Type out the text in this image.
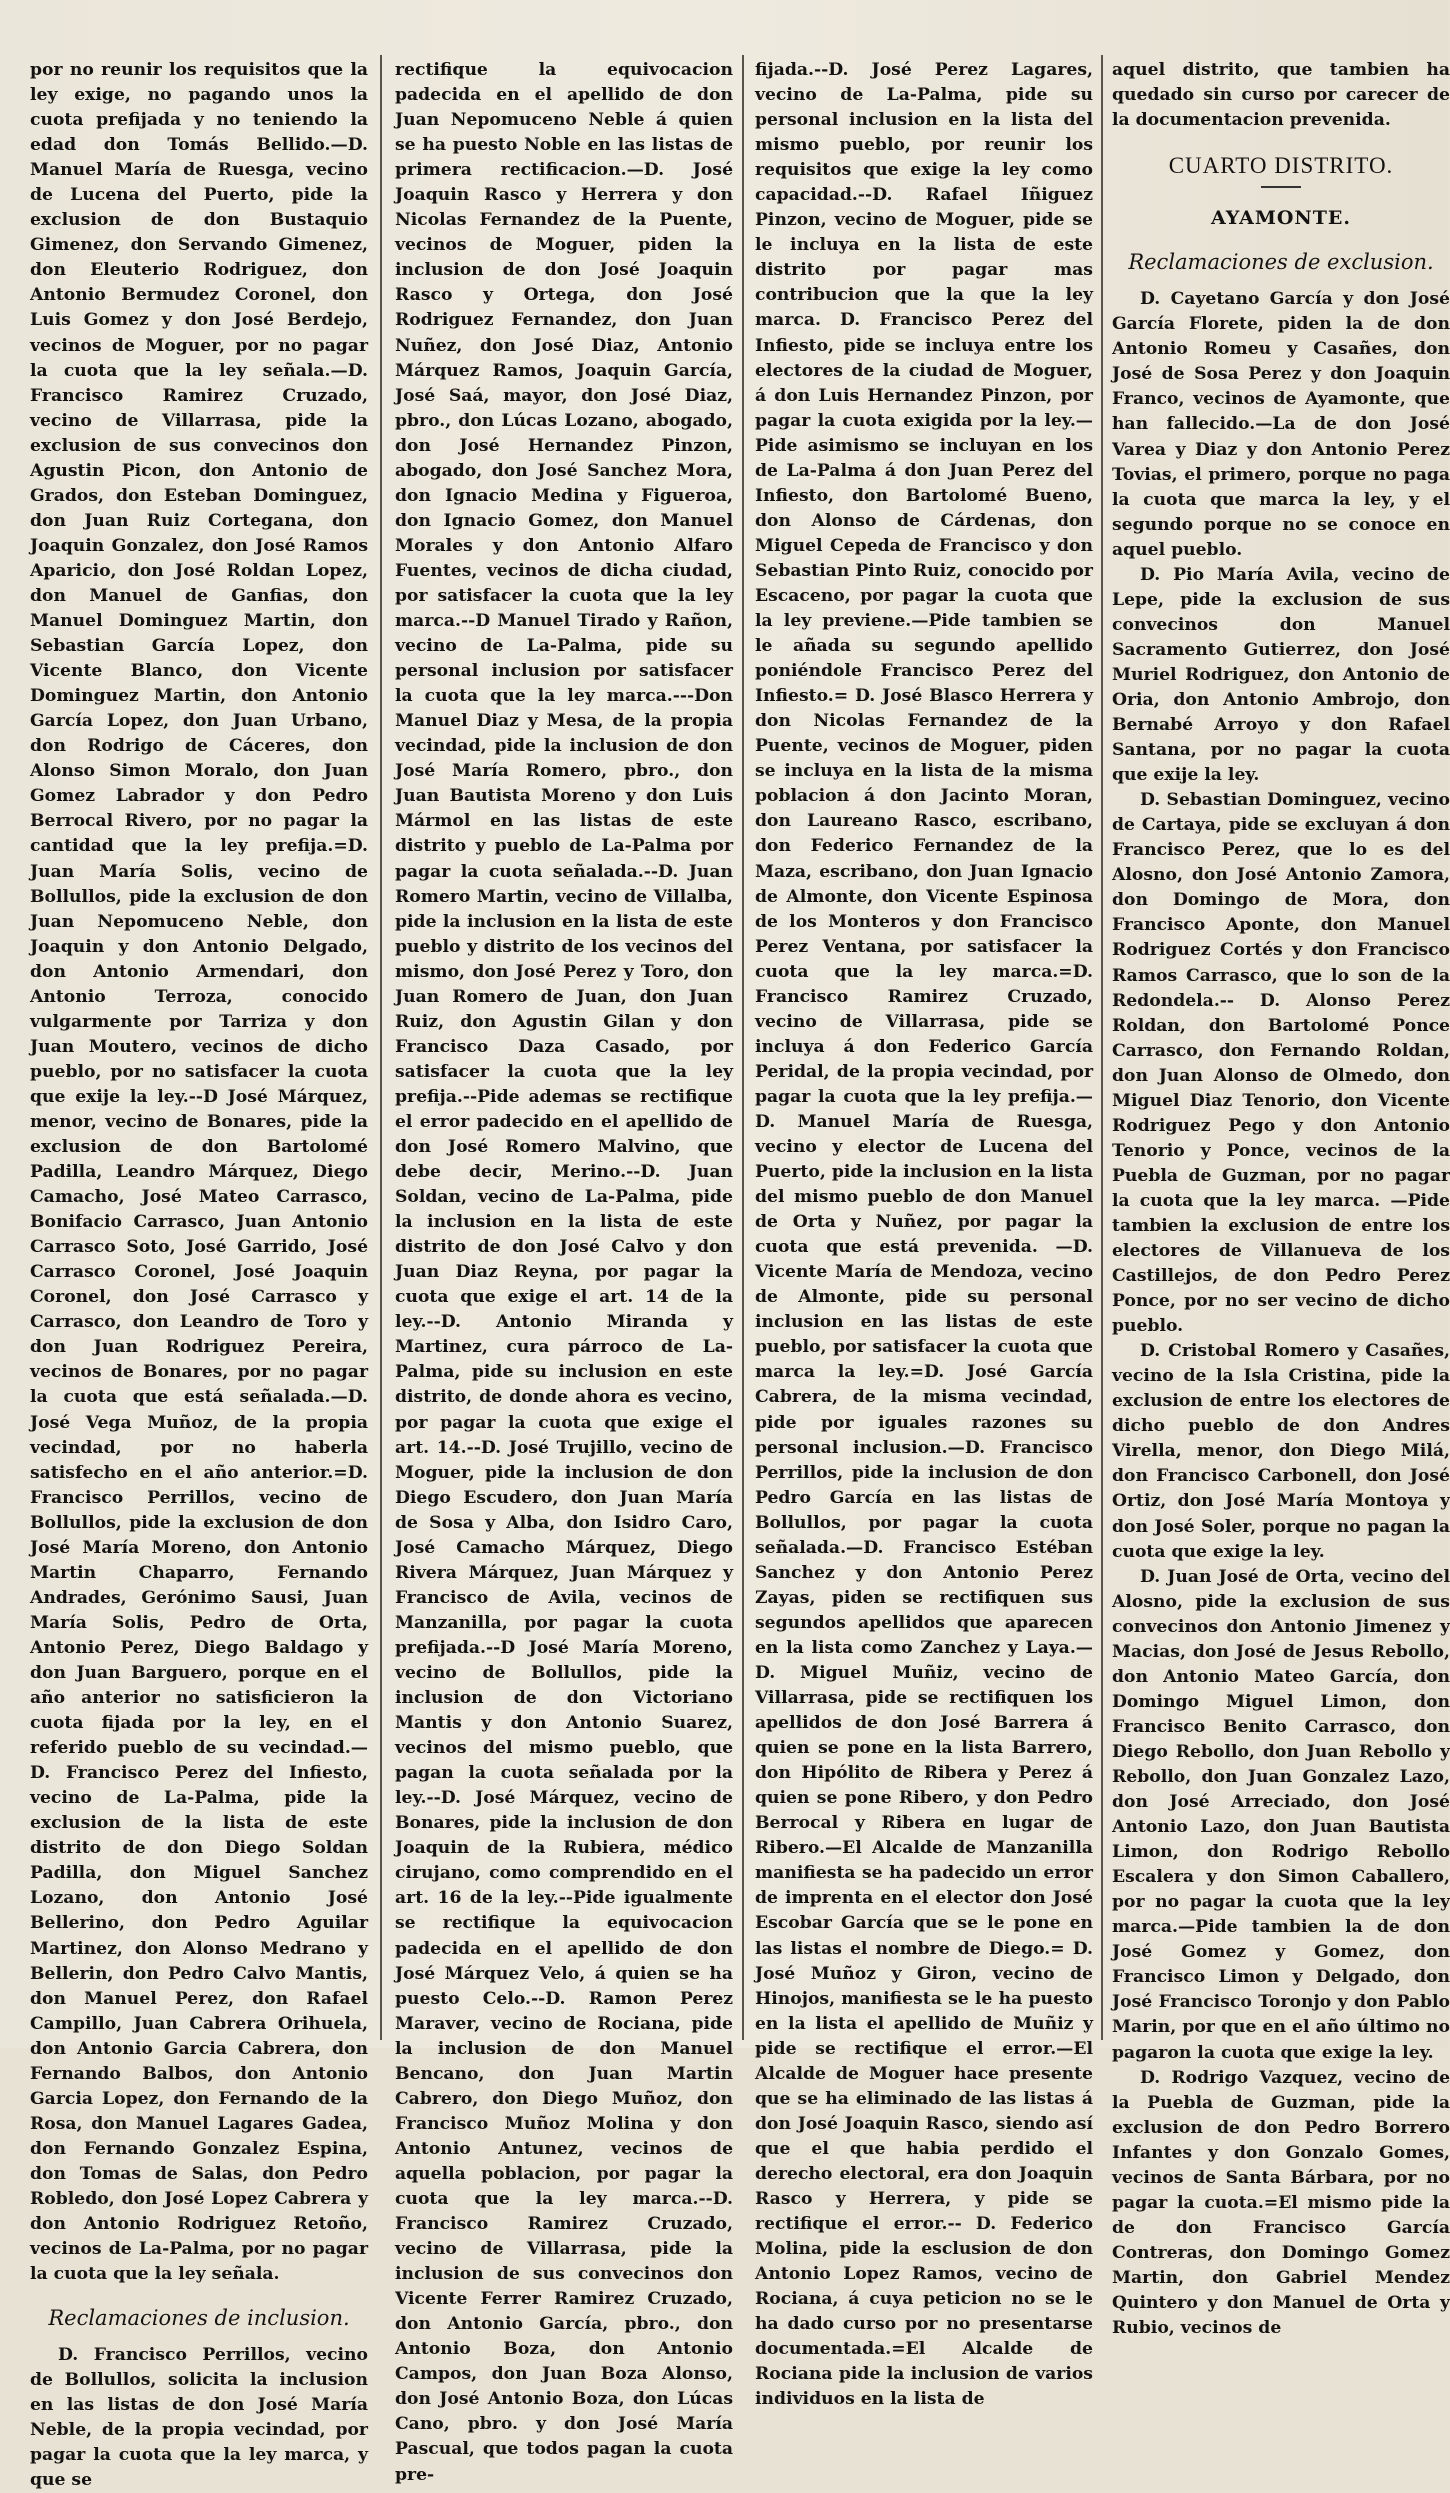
por no reunir los requisitos que la ley exige, no pagando unos la cuota prefijada y no teniendo la edad don Tomás Bellido.—D. Manuel María de Ruesga, vecino de Lucena del Puerto, pide la exclusion de don Bustaquio Gimenez, don Servando Gimenez, don Eleuterio Rodriguez, don Antonio Bermudez Coronel, don Luis Gomez y don José Berdejo, vecinos de Moguer, por no pagar la cuota que la ley señala.—D. Francisco Ramirez Cruzado, vecino de Villarrasa, pide la exclusion de sus convecinos don Agustin Picon, don Antonio de Grados, don Esteban Dominguez, don Juan Ruiz Cortegana, don Joaquin Gonzalez, don José Ramos Aparicio, don José Roldan Lopez, don Manuel de Ganfias, don Manuel Dominguez Martin, don Sebastian García Lopez, don Vicente Blanco, don Vicente Dominguez Martin, don Antonio García Lopez, don Juan Urbano, don Rodrigo de Cáceres, don Alonso Simon Moralo, don Juan Gomez Labrador y don Pedro Berrocal Rivero, por no pagar la cantidad que la ley prefija.=D. Juan María Solis, vecino de Bollullos, pide la exclusion de don Juan Nepomuceno Neble, don Joaquin y don Antonio Delgado, don Antonio Armendari, don Antonio Terroza, conocido vulgarmente por Tarriza y don Juan Moutero, vecinos de dicho pueblo, por no satisfacer la cuota que exije la ley.--D José Márquez, menor, vecino de Bonares, pide la exclusion de don Bartolomé Padilla, Leandro Márquez, Diego Camacho, José Mateo Carrasco, Bonifacio Carrasco, Juan Antonio Carrasco Soto, José Garrido, José Carrasco Coronel, José Joaquin Coronel, don José Carrasco y Carrasco, don Leandro de Toro y don Juan Rodriguez Pereira, vecinos de Bonares, por no pagar la cuota que está señalada.—D. José Vega Muñoz, de la propia vecindad, por no haberla satisfecho en el año anterior.=D. Francisco Perrillos, vecino de Bollullos, pide la exclusion de don José María Moreno, don Antonio Martin Chaparro, Fernando Andrades, Gerónimo Sausi, Juan María Solis, Pedro de Orta, Antonio Perez, Diego Baldago y don Juan Barguero, porque en el año anterior no satisficieron la cuota fijada por la ley, en el referido pueblo de su vecindad.—D. Francisco Perez del Infiesto, vecino de La-Palma, pide la exclusion de la lista de este distrito de don Diego Soldan Padilla, don Miguel Sanchez Lozano, don Antonio José Bellerino, don Pedro Aguilar Martinez, don Alonso Medrano y Bellerin, don Pedro Calvo Mantis, don Manuel Perez, don Rafael Campillo, Juan Cabrera Orihuela, don Antonio Garcia Cabrera, don Fernando Balbos, don Antonio Garcia Lopez, don Fernando de la Rosa, don Manuel Lagares Gadea, don Fernando Gonzalez Espina, don Tomas de Salas, don Pedro Robledo, don José Lopez Cabrera y don Antonio Rodriguez Retoño, vecinos de La-Palma, por no pagar la cuota que la ley señala.

Reclamaciones de inclusion.

D. Francisco Perrillos, vecino de Bollullos, solicita la inclusion en las listas de don José María Neble, de la propia vecindad, por pagar la cuota que la ley marca, y que se

rectifique la equivocacion padecida en el apellido de don Juan Nepomuceno Neble á quien se ha puesto Noble en las listas de primera rectificacion.—D. José Joaquin Rasco y Herrera y don Nicolas Fernandez de la Puente, vecinos de Moguer, piden la inclusion de don José Joaquin Rasco y Ortega, don José Rodriguez Fernandez, don Juan Nuñez, don José Diaz, Antonio Márquez Ramos, Joaquin García, José Saá, mayor, don José Diaz, pbro., don Lúcas Lozano, abogado, don José Hernandez Pinzon, abogado, don José Sanchez Mora, don Ignacio Medina y Figueroa, don Ignacio Gomez, don Manuel Morales y don Antonio Alfaro Fuentes, vecinos de dicha ciudad, por satisfacer la cuota que la ley marca.--D Manuel Tirado y Rañon, vecino de La-Palma, pide su personal inclusion por satisfacer la cuota que la ley marca.---Don Manuel Diaz y Mesa, de la propia vecindad, pide la inclusion de don José María Romero, pbro., don Juan Bautista Moreno y don Luis Mármol en las listas de este distrito y pueblo de La-Palma por pagar la cuota señalada.--D. Juan Romero Martin, vecino de Villalba, pide la inclusion en la lista de este pueblo y distrito de los vecinos del mismo, don José Perez y Toro, don Juan Romero de Juan, don Juan Ruiz, don Agustin Gilan y don Francisco Daza Casado, por satisfacer la cuota que la ley prefija.--Pide ademas se rectifique el error padecido en el apellido de don José Romero Malvino, que debe decir, Merino.--D. Juan Soldan, vecino de La-Palma, pide la inclusion en la lista de este distrito de don José Calvo y don Juan Diaz Reyna, por pagar la cuota que exige el art. 14 de la ley.--D. Antonio Miranda y Martinez, cura párroco de La-Palma, pide su inclusion en este distrito, de donde ahora es vecino, por pagar la cuota que exige el art. 14.--D. José Trujillo, vecino de Moguer, pide la inclusion de don Diego Escudero, don Juan María de Sosa y Alba, don Isidro Caro, José Camacho Márquez, Diego Rivera Márquez, Juan Márquez y Francisco de Avila, vecinos de Manzanilla, por pagar la cuota prefijada.--D José María Moreno, vecino de Bollullos, pide la inclusion de don Victoriano Mantis y don Antonio Suarez, vecinos del mismo pueblo, que pagan la cuota señalada por la ley.--D. José Márquez, vecino de Bonares, pide la inclusion de don Joaquin de la Rubiera, médico cirujano, como comprendido en el art. 16 de la ley.--Pide igualmente se rectifique la equivocacion padecida en el apellido de don José Márquez Velo, á quien se ha puesto Celo.--D. Ramon Perez Maraver, vecino de Rociana, pide la inclusion de don Manuel Bencano, don Juan Martin Cabrero, don Diego Muñoz, don Francisco Muñoz Molina y don Antonio Antunez, vecinos de aquella poblacion, por pagar la cuota que la ley marca.--D. Francisco Ramirez Cruzado, vecino de Villarrasa, pide la inclusion de sus convecinos don Vicente Ferrer Ramirez Cruzado, don Antonio García, pbro., don Antonio Boza, don Antonio Campos, don Juan Boza Alonso, don José Antonio Boza, don Lúcas Cano, pbro. y don José María Pascual, que todos pagan la cuota pre-

fijada.--D. José Perez Lagares, vecino de La-Palma, pide su personal inclusion en la lista del mismo pueblo, por reunir los requisitos que exige la ley como capacidad.--D. Rafael Iñiguez Pinzon, vecino de Moguer, pide se le incluya en la lista de este distrito por pagar mas contribucion que la que la ley marca. D. Francisco Perez del Infiesto, pide se incluya entre los electores de la ciudad de Moguer, á don Luis Hernandez Pinzon, por pagar la cuota exigida por la ley.—Pide asimismo se incluyan en los de La-Palma á don Juan Perez del Infiesto, don Bartolomé Bueno, don Alonso de Cárdenas, don Miguel Cepeda de Francisco y don Sebastian Pinto Ruiz, conocido por Escaceno, por pagar la cuota que la ley previene.—Pide tambien se le añada su segundo apellido poniéndole Francisco Perez del Infiesto.= D. José Blasco Herrera y don Nicolas Fernandez de la Puente, vecinos de Moguer, piden se incluya en la lista de la misma poblacion á don Jacinto Moran, don Laureano Rasco, escribano, don Federico Fernandez de la Maza, escribano, don Juan Ignacio de Almonte, don Vicente Espinosa de los Monteros y don Francisco Perez Ventana, por satisfacer la cuota que la ley marca.=D. Francisco Ramirez Cruzado, vecino de Villarrasa, pide se incluya á don Federico García Peridal, de la propia vecindad, por pagar la cuota que la ley prefija.—D. Manuel María de Ruesga, vecino y elector de Lucena del Puerto, pide la inclusion en la lista del mismo pueblo de don Manuel de Orta y Nuñez, por pagar la cuota que está prevenida. —D. Vicente María de Mendoza, vecino de Almonte, pide su personal inclusion en las listas de este pueblo, por satisfacer la cuota que marca la ley.=D. José García Cabrera, de la misma vecindad, pide por iguales razones su personal inclusion.—D. Francisco Perrillos, pide la inclusion de don Pedro García en las listas de Bollullos, por pagar la cuota señalada.—D. Francisco Estéban Sanchez y don Antonio Perez Zayas, piden se rectifiquen sus segundos apellidos que aparecen en la lista como Zanchez y Laya.—D. Miguel Muñiz, vecino de Villarrasa, pide se rectifiquen los apellidos de don José Barrera á quien se pone en la lista Barrero, don Hipólito de Ribera y Perez á quien se pone Ribero, y don Pedro Berrocal y Ribera en lugar de Ribero.—El Alcalde de Manzanilla manifiesta se ha padecido un error de imprenta en el elector don José Escobar García que se le pone en las listas el nombre de Diego.= D. José Muñoz y Giron, vecino de Hinojos, manifiesta se le ha puesto en la lista el apellido de Muñiz y pide se rectifique el error.—El Alcalde de Moguer hace presente que se ha eliminado de las listas á don José Joaquin Rasco, siendo así que el que habia perdido el derecho electoral, era don Joaquin Rasco y Herrera, y pide se rectifique el error.-- D. Federico Molina, pide la esclusion de don Antonio Lopez Ramos, vecino de Rociana, á cuya peticion no se le ha dado curso por no presentarse documentada.=El Alcalde de Rociana pide la inclusion de varios individuos en la lista de

aquel distrito, que tambien ha quedado sin curso por carecer de la documentacion prevenida.

CUARTO DISTRITO.
AYAMONTE.
Reclamaciones de exclusion.

D. Cayetano García y don José García Florete, piden la de don Antonio Romeu y Casañes, don José de Sosa Perez y don Joaquin Franco, vecinos de Ayamonte, que han fallecido.—La de don José Varea y Diaz y don Antonio Perez Tovias, el primero, porque no paga la cuota que marca la ley, y el segundo porque no se conoce en aquel pueblo.

D. Pio María Avila, vecino de Lepe, pide la exclusion de sus convecinos don Manuel Sacramento Gutierrez, don José Muriel Rodriguez, don Antonio de Oria, don Antonio Ambrojo, don Bernabé Arroyo y don Rafael Santana, por no pagar la cuota que exije la ley.

D. Sebastian Dominguez, vecino de Cartaya, pide se excluyan á don Francisco Perez, que lo es del Alosno, don José Antonio Zamora, don Domingo de Mora, don Francisco Aponte, don Manuel Rodriguez Cortés y don Francisco Ramos Carrasco, que lo son de la Redondela.-- D. Alonso Perez Roldan, don Bartolomé Ponce Carrasco, don Fernando Roldan, don Juan Alonso de Olmedo, don Miguel Diaz Tenorio, don Vicente Rodriguez Pego y don Antonio Tenorio y Ponce, vecinos de la Puebla de Guzman, por no pagar la cuota que la ley marca. —Pide tambien la exclusion de entre los electores de Villanueva de los Castillejos, de don Pedro Perez Ponce, por no ser vecino de dicho pueblo.

D. Cristobal Romero y Casañes, vecino de la Isla Cristina, pide la exclusion de entre los electores de dicho pueblo de don Andres Virella, menor, don Diego Milá, don Francisco Carbonell, don José Ortiz, don José María Montoya y don José Soler, porque no pagan la cuota que exige la ley.

D. Juan José de Orta, vecino del Alosno, pide la exclusion de sus convecinos don Antonio Jimenez y Macias, don José de Jesus Rebollo, don Antonio Mateo García, don Domingo Miguel Limon, don Francisco Benito Carrasco, don Diego Rebollo, don Juan Rebollo y Rebollo, don Juan Gonzalez Lazo, don José Arreciado, don José Antonio Lazo, don Juan Bautista Limon, don Rodrigo Rebollo Escalera y don Simon Caballero, por no pagar la cuota que la ley marca.—Pide tambien la de don José Gomez y Gomez, don Francisco Limon y Delgado, don José Francisco Toronjo y don Pablo Marin, por que en el año último no pagaron la cuota que exige la ley.

D. Rodrigo Vazquez, vecino de la Puebla de Guzman, pide la exclusion de don Pedro Borrero Infantes y don Gonzalo Gomes, vecinos de Santa Bárbara, por no pagar la cuota.=El mismo pide la de don Francisco García Contreras, don Domingo Gomez Martin, don Gabriel Mendez Quintero y don Manuel de Orta y Rubio, vecinos de
